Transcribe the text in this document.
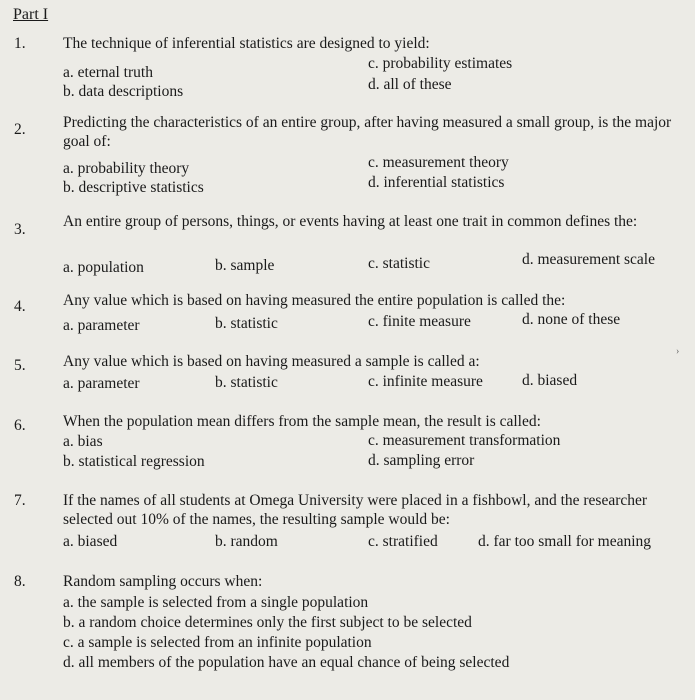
Part I
1. The technique of inferential statistics are designed to yield:
a. eternal truth
c. probability estimates
b. data descriptions	d. all of these
2. Predicting the characteristics of an entire group, after having measured a small group, is the major goal of:
a. probability theory	c. measurement theory
b. descriptive statistics	d. inferential statistics
3. An entire group of persons, things, or events having at least one trait in common defines the:
a. population	b. sample	c. statistic	d. measurement scale
4. Any value which is based on having measured the entire population is called the:
a. parameter	b. statistic	c. finite measure	d. none of these
5. Any value which is based on having measured a sample is called a:
a. parameter	b. statistic	c. infinite measure	d. biased
6. When the population mean differs from the sample mean, the result is called:
a. bias	c. measurement transformation
b. statistical regression	d. sampling error
7. If the names of all students at Omega University were placed in a fishbowl, and the researcher selected out 10% of the names, the resulting sample would be:
a. biased	b. random	c. stratified	d. far too small for meaning
8. Random sampling occurs when:
a. the sample is selected from a single population
b. a random choice determines only the first subject to be selected
c. a sample is selected from an infinite population
d. all members of the population have an equal chance of being selected
›
